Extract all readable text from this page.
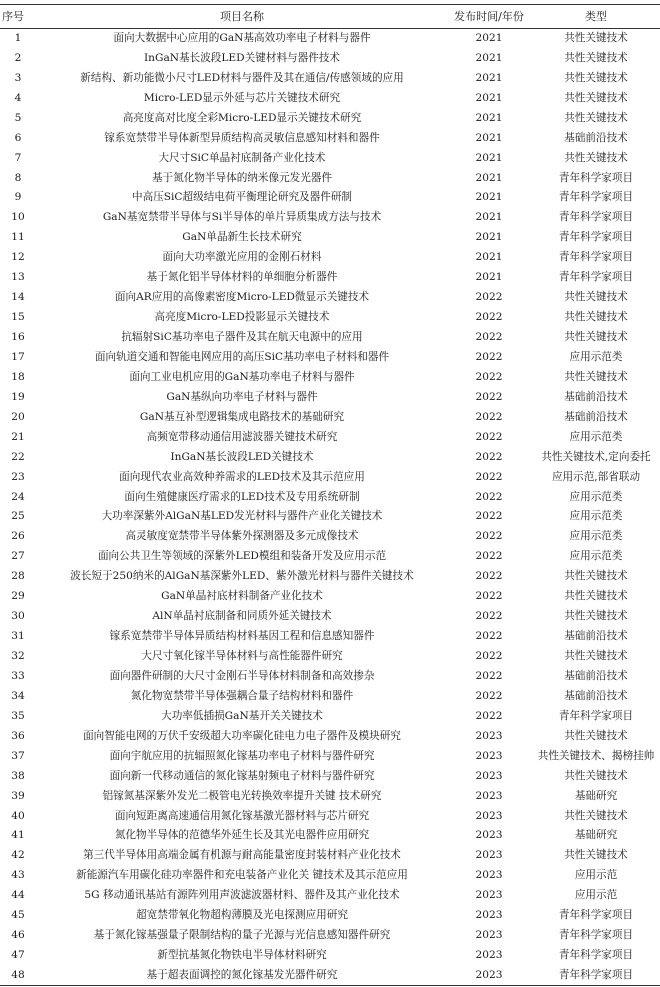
序号	项目名称	发布时间/年份	类型
1	面向大数据中心应用的GaN基高效功率电子材料与器件	2021	共性关键技术
2	InGaN基长波段LED关键材料与器件技术	2021	共性关键技术
3	新结构、新功能微小尺寸LED材料与器件及其在通信/传感领域的应用	2021	共性关键技术
4	Micro-LED显示外延与芯片关键技术研究	2021	共性关键技术
5	高亮度高对比度全彩Micro-LED显示关键技术研究	2021	共性关键技术
6	镓系宽禁带半导体新型异质结构高灵敏信息感知材料和器件	2021	基础前沿技术
7	大尺寸SiC单晶衬底制备产业化技术	2021	共性关键技术
8	基于氮化物半导体的纳米像元发光器件	2021	青年科学家项目
9	中高压SiC超级结电荷平衡理论研究及器件研制	2021	青年科学家项目
10	GaN基宽禁带半导体与Si半导体的单片异质集成方法与技术	2021	青年科学家项目
11	GaN单晶新生长技术研究	2021	青年科学家项目
12	面向大功率激光应用的金刚石材料	2021	青年科学家项目
13	基于氮化铝半导体材料的单细胞分析器件	2021	青年科学家项目
14	面向AR应用的高像素密度Micro-LED微显示关键技术	2022	共性关键技术
15	高亮度Micro-LED投影显示关键技术	2022	共性关键技术
16	抗辐射SiC基功率电子器件及其在航天电源中的应用	2022	共性关键技术
17	面向轨道交通和智能电网应用的高压SiC基功率电子材料和器件	2022	应用示范类
18	面向工业电机应用的GaN基功率电子材料与器件	2022	共性关键技术
19	GaN基纵向功率电子材料与器件	2022	基础前沿技术
20	GaN基互补型逻辑集成电路技术的基础研究	2022	基础前沿技术
21	高频宽带移动通信用滤波器关键技术研究	2022	应用示范类
22	InGaN基长波段LED关键技术	2022	共性关键技术,定向委托
23	面向现代农业高效种养需求的LED技术及其示范应用	2022	应用示范,部省联动
24	面向生殖健康医疗需求的LED技术及专用系统研制	2022	应用示范类
25	大功率深紫外AlGaN基LED发光材料与器件产业化关键技术	2022	应用示范类
26	高灵敏度宽禁带半导体紫外探测器及多元成像技术	2022	应用示范类
27	面向公共卫生等领域的深紫外LED模组和装备开发及应用示范	2022	应用示范类
28	波长短于250纳米的AlGaN基深紫外LED、紫外激光材料与器件关键技术	2022	共性关键技术
29	GaN单晶衬底材料制备产业化技术	2022	共性关键技术
30	AlN单晶衬底制备和同质外延关键技术	2022	共性关键技术
31	镓系宽禁带半导体异质结构材料基因工程和信息感知器件	2022	基础前沿技术
32	大尺寸氧化镓半导体材料与高性能器件研究	2022	共性关键技术
33	面向器件研制的大尺寸金刚石半导体材料制备和高效掺杂	2022	基础前沿技术
34	氮化物宽禁带半导体强耦合量子结构材料和器件	2022	基础前沿技术
35	大功率低插损GaN基开关关键技术	2022	青年科学家项目
36	面向智能电网的万伏千安级超大功率碳化硅电力电子器件及模块研究	2023	共性关键技术
37	面向宇航应用的抗辐照氮化镓基功率电子材料与器件研究	2023	共性关键技术、揭榜挂帅
38	面向新一代移动通信的氮化镓基射频电子材料与器件研究	2023	共性关键技术
39	铝镓氮基深紫外发光二极管电光转换效率提升关键 技术研究	2023	基础研究
40	面向短距离高速通信用氮化镓基激光器材料与芯片研究	2023	共性关键技术
41	氮化物半导体的范德华外延生长及其光电器件应用研究	2023	基础研究
42	第三代半导体用高端金属有机源与耐高能量密度封装材料产业化技术	2023	共性关键技术
43	新能源汽车用碳化硅功率器件和充电装备产业化关 键技术及其示范应用	2023	应用示范
44	5G 移动通讯基站有源阵列用声波滤波器材料、器件及其产业化技术	2023	应用示范
45	超宽禁带氧化物超构薄膜及光电探测应用研究	2023	青年科学家项目
46	基于氮化镓基强量子限制结构的量子光源与光信息感知器件研究	2023	青年科学家项目
47	新型抗基氮化物铁电半导体材料研究	2023	青年科学家项目
48	基于超表面调控的氮化镓基发光器件研究	2023	青年科学家项目
